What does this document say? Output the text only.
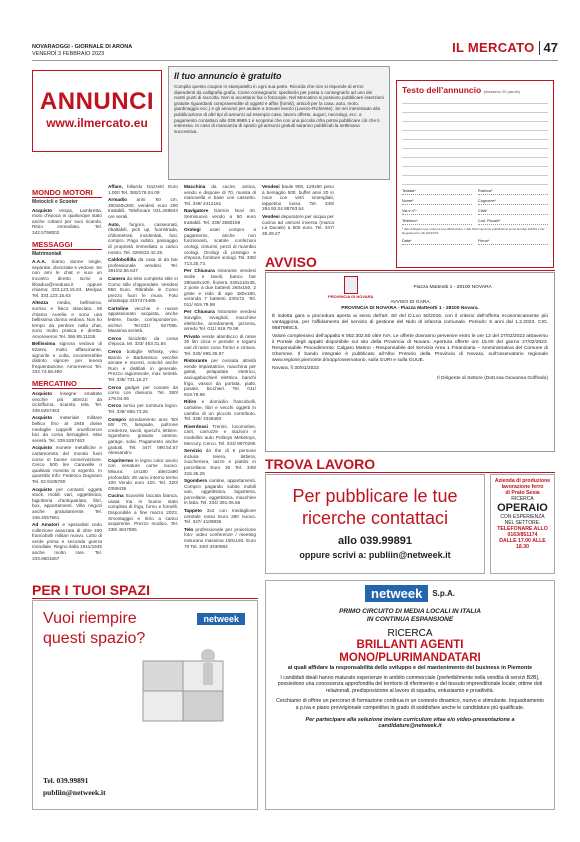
NOVARAOGGI - GIORNALE DI ARONA
VENERDÌ 3 FEBBRAIO 2023	IL MERCATO 47
ANNUNCI
www.ilmercato.eu
Il tuo annuncio è gratuito

Compila questo coupon in stampatello in ogni sua parte. Ricorda che non si risponde di errori dipendenti da calligrafia grafia. Come consegnarlo: spediscilo per posta o consegnarlo ad uno dei nostri punti di raccolta. Non si accettano fax o fotocopie. Nel Mercatino si possono pubblicare inserzioni gratuite riguardanti compravendite di oggetti e affini (forniti), articoli per la casa, auto, moto, giardinaggio ecc.) e gli annunci per aiutare a trovare lavoro (Lavoro-Richieste). Se sei interessato alla pubblicazione di altri tipi di annunci ad esempio case, lavoro offerte, auguri, necrologi, ecc. a pagamento contattaci allo 039.9989.1 e scoprirai che con una piccola cifra potrai pubblicare ciò che ti interessa. In caso di mancanza di spazio gli annunci gratuiti saranno pubblicati la settimana successiva.

Testo dell’annuncio (massimo 20 parole)
Testata*	Rubrica*
Nome*	Cognome*
Via e n°*	Città*
Telefono*	Cod. Fiscale*
* dati obbligatori per ottenere la pubblicazione. I dati NON verranno pubblicati ai sensi del dlgs 196/03 e del Regolamento UE 2016/679.
Data*	Firma*
MONDO MOTORI
Motocicli e Scooter

Acquisto Vespa, Lambretta, moto d’epoca in qualunque stato anche rottami per suoi ricambi. Ritiro immediato. Tel. 342.5758002

MESSAGGI
Matrimoniali

A.A.A. Siamo donne single, separate, divorziate e vedove. Se non ami le chat e vuoi un incontro diretto scrivi a lifeaduo@meduas.it oppure chiama: 333.123.15.63. Medyas Tel. 333.123.15.63

Altezza media, bellissima, sorriso e fisico slanciato. Mi chiamo Aurelia e sono una bellissima donna vedova. Non ho tempo da perdere nella chat, sono molto pratica e diretta. Amoreveroo Tel. 366.89.11155

Bellissima signora vedova di 62anni, molto affascinante, signorile e colta, incontrerebbe distinto signore per tenera frequentazione. Amoreveroo Tel. 334.74.68.490

MERCATINO

Acquisto insegne smaltate vecchie più attrezzi da ciclofficina, ricambi, tela. Tel. 339.5257463

Acquisto materiale militare bellico fino al 1945 divise medaglie cappelli onorificenze bici da corsa bersaglieri. Max serietà. Tel. 339.5257463

Acquisto monete metalliche e cartamoneta del mondo fuori corso in buone conservazione. Cerco 500 lire Caravelle o qualsiasi moneta in argento. In quantità! Info: Federico Dugnano Tel. 02.9105780

Acquisto per contanti oggetti stock, mobili vari, oggettistica, bigiotteria d’antiquariato, libri, box, appartamenti. Villa negozi anche gratuitamente. Tel. 346.4057561

Ad Amatori e specialisti cedo collezione avanzata di oltre 400 francobolli militari nuovo. Lotto di verde prima e seconda guerra mondiale. Regno italia 1911/1945 anche molto rare. Tel. 333.6601667

Affare, biliardo Gazzetti Euro 1.000 Tel. 380/178.04.09

Armadio anni '60 cm. 300x60x200, vendesi euro 200 trattabili. Telefonare 031.269843 ore serali.

Auto, furgoni, casseonati, ribaltabili, pick up, fuoristrada, chilometrati, incidentati, fusi, compro. Pago subito, passaggio di proprietà immediato a carico nostro. Tel. 320/632.42.26.

Caldobollilla da casa di da bar professionale vendesi. Tel. 391/02.56.647

Camera da letto completa stile in Como stile chippendale. Vendesi 850 Euro. Ritirabile in Como prezzo fuori le mura. Foto whatsapp 3337474485.

Cartoline vecchie e nuove appassionato acquista, anche lettere, buste, corrispondenze, archivi. Tel.031/ 927085. Massima serietà.

Cerco biciclette da corsa d’epoca. tel. 333/ 463.31.84

Cerco bottiglie Whisky, vino Barolo e Barbaresco vecchie annate e recenti, nonché anche Rum e distillati in generale. Prezzo ragionevole, max serietà. Tel. 335/ 731.16.27

Cerco gadget per conarie da corso con divisorio. Tel. 380/ 178.04.09

Cerco tornio per tornitura legno. Tel. 339/ 858.73.26

Compro arredamento anni '50/ 60/ 70, lampade, poltrone credenze, tavoli, specchi, lettiere. Sgombero gratuito cantine, garage, solai. Pagamento anche gratuiti. Tel. 347/ 090.54.67 Alessandro

Copritermo in legno color avorio con venature come nuovo. Misura: cm180 altezza90 profondità: 29 vano interno termo 100 Vendo euro 120. Tel. 320/ 0359436

Cucina Scavolini laccata bianca, usata ma in buono stato completa di frigo, forno e fornelli. Disponibile a fine marzo 2023. Smontaggio e ritiro a carico acquirente. Prezzo modico. Tel. 338/ 4847885

Macchina da cucire, antica, vendo e dispone di 70, munita di manovella e base con cassetto. Tel. 349/ 2412161

Navigatore Garmin Nuvi 40. Seminuovo vendo a 50 euro trattabili. Tel. 339/ 2580169

Orologi usati compro a pagamento, anche non funzionanti, scatole confezioni orologi, cinturini, pezzi di ricambio orologi. Orologi di prestigio e d’epoca, forniture orologi. Tel. 335/ 713.25.73.

Per Chiusura ristorante vendesi sedie e tavoli, banco bar 280x60x100, fioriera 330x110x35, 2 porte a due battenti 260x150, 2 grate e nido di ape 180x180, veranda 7 battenti 230x72. Tel. 011/ 919.79.98

Per Chiusura ristorante vendesi stoviglie, tovaglioli, macchine elettriche, arredamenti, pizzeria, arredo Tel. 011/ 919.79.98

Privato vende alambicco di rame 30 litri circa e pentole e tegami vari di rame zona Torino e cintura. Tel. 340/ 695.36.97

Ristorante per cessata attività vende impastatrice, macchina per gelati, pelapatate elettrico, asciugabicchieri elettrico, banchi frigo, vassoi da portata, piatti, posate, bicchieri. Tel. 011/ 919.79.98

Ritiro e domicilio francobolli, cartoline, libri e vecchi oggetti in cambio di un piccolo contributo. Tel. 328/ 3348493

Riverdossi Trenini, locomotive, carri, carrozze e stazioni e modellini auto Politoys Mebetoys, Mercury, Cerco. Tel. 333/ 8970295

Servizio da the di 6 persone inclusa teiera, lattiera, zuccheriera, tazze e piattini in porcellana Euro 30 Tel. 339/ 315.36.25

Sgombero cantine, appartamenti. Compro pagando subito mobili vari, oggettistica, bigiotteria, porcellane, oggettistica, macchine in latta. Tel. 334/ 391.06.56

Tappeto 3x2 con medaglione centrale rosso Euro 280 nuovo. Tel. 347/ 4109836

Telo professionale per proiezione foto- video conferenze / meeting misurano massima 150x150. Euro 70 Tel. 340/ 3330984

Vendesi baule 900, 120x60 peso a bersaglio 500, buffet anni 20 in noce con vetri smerigliati, tappetino lusso, Tel. 349/ 284.92.04 88763.54

Vendesi depuratore per acqua per cucina ad osmosi inversa (marca La Ducale) a 500 euro. Tel. 347/ 39.29.27

AVVISO
PROVINCIA DI NOVARA
Piazza Matteotti 1 - 28100 NOVARA
AVVISO DI GARA
PROVINCIA DI NOVARA - Piazza Matteotti 1 - 28100 Novara.

È indetta gara a procedura aperta ai sensi dell’art. 60 del D.Lvo 50/2016, con il criterio dell’offerta economicamente più vantaggiosa, per l’affidamento del servizio di gestione del Nido di infanzia comunale. Periodo: 5 anni dal 1.2.2023. CIG. 9587995C5.

Valore complessivo dell’appalto € 902.302,50 oltre IVA. Le offerte dovranno pervenire entro le ore 12 del 27/02/2023 attraverso il Portale degli appalti disponibile sul sito della Provincia di Novara. Apertura offerte ore 15.00 del giorno 27/02/2023. Responsabile Procedimento: Calgaro Marino - Responsabile del Servizio Area 1 Finanziaria – Amministrativa del Comune di Ghemme. Il bando integrale è pubblicato all’Albo Pretorio della Provincia di Novara, sull’osservatorio regionale www.regione.piemonte.it/oopp/osservatorio, sulla GURI e sulla GUUE.

Novara, lì 30/01/2023

Il Dirigente di Settore (Dott.ssa Giovanna Goffredo)
TROVA LAVORO
Per pubblicare le tue
ricerche contattaci
allo 039.99891
oppure scrivi a: publiin@netweek.it
Azienda di produzione
lavorazione ferro
di Prato Sesia
RICERCA
OPERAIO
CON ESPERIENZA
NEL SETTORE.
TELEFONARE ALLO
0163/851174
DALLE 17.00 ALLE 18.30
netweek	S.p.A.
PRIMO CIRCUITO DI MEDIA LOCALI IN ITALIA
IN CONTINUA ESPANSIONE
RICERCA
BRILLANTI AGENTI
MONO/PLURIMANDATARI
ai quali affidare la responsabilità dello sviluppo e del mantenimento del business in Piemonte
I candidati ideali hanno maturato esperienze in ambito commerciale (preferibilmente nella vendita di servizi B2B), possiedono una conoscenza approfondita del territorio di riferimento e del tessuto imprenditoriale locale; ottime doti relazionali, predisposizione al lavoro di squadra, entusiasmo e proattività.
Cerchiamo di offrire un percorso di formazione continua in un contesto dinamico, nuovo e stimolante. Inquadramento a p.iva e piano provvigionale competitivo in grado di soddisfare anche le candidature più qualificate.
Per partecipare alla selezione inviare curriculum vitae e/o video-presentazione a candidature@netweek.it
PER I TUOI SPAZI
Vuoi riempire
questi spazio?
netweek
Tel. 039.99891
publiin@netweek.it
